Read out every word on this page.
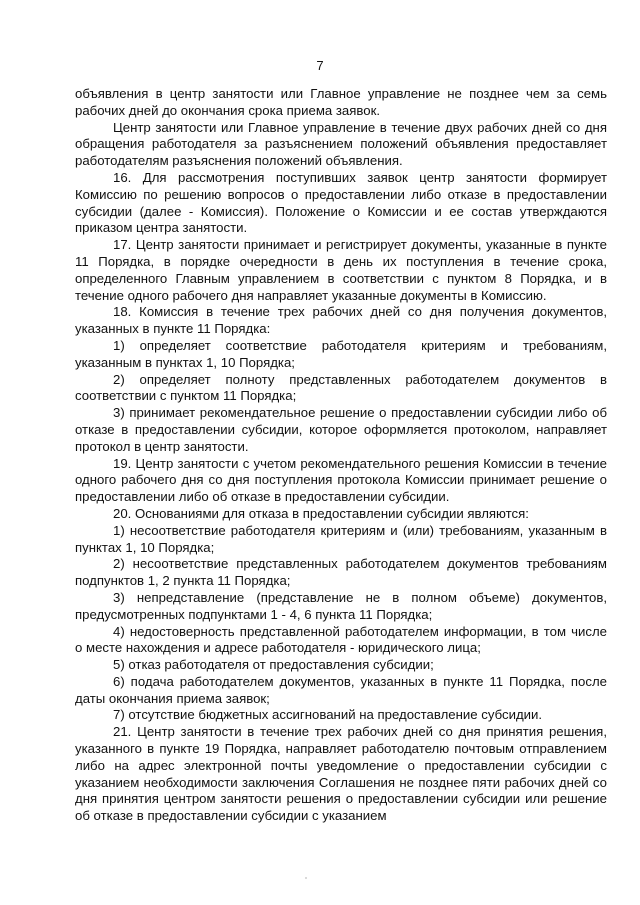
7

объявления в центр занятости или Главное управление не позднее чем за семь рабочих дней до окончания срока приема заявок.

Центр занятости или Главное управление в течение двух рабочих дней со дня обращения работодателя за разъяснением положений объявления предоставляет работодателям разъяснения положений объявления.

16. Для рассмотрения поступивших заявок центр занятости формирует Комиссию по решению вопросов о предоставлении либо отказе в предоставлении субсидии (далее - Комиссия). Положение о Комиссии и ее состав утверждаются приказом центра занятости.

17. Центр занятости принимает и регистрирует документы, указанные в пункте 11 Порядка, в порядке очередности в день их поступления в течение срока, определенного Главным управлением в соответствии с пунктом 8 Порядка, и в течение одного рабочего дня направляет указанные документы в Комиссию.

18. Комиссия в течение трех рабочих дней со дня получения документов, указанных в пункте 11 Порядка:

1) определяет соответствие работодателя критериям и требованиям, указанным в пунктах 1, 10 Порядка;

2) определяет полноту представленных работодателем документов в соответствии с пунктом 11 Порядка;

3) принимает рекомендательное решение о предоставлении субсидии либо об отказе в предоставлении субсидии, которое оформляется протоколом, направляет протокол в центр занятости.

19. Центр занятости с учетом рекомендательного решения Комиссии в течение одного рабочего дня со дня поступления протокола Комиссии принимает решение о предоставлении либо об отказе в предоставлении субсидии.

20. Основаниями для отказа в предоставлении субсидии являются:

1) несоответствие работодателя критериям и (или) требованиям, указанным в пунктах 1, 10 Порядка;

2) несоответствие представленных работодателем документов требованиям подпунктов 1, 2 пункта 11 Порядка;

3) непредставление (представление не в полном объеме) документов, предусмотренных подпунктами 1 - 4, 6 пункта 11 Порядка;

4) недостоверность представленной работодателем информации, в том числе о месте нахождения и адресе работодателя - юридического лица;

5) отказ работодателя от предоставления субсидии;

6) подача работодателем документов, указанных в пункте 11 Порядка, после даты окончания приема заявок;

7) отсутствие бюджетных ассигнований на предоставление субсидии.

21. Центр занятости в течение трех рабочих дней со дня принятия решения, указанного в пункте 19 Порядка, направляет работодателю почтовым отправлением либо на адрес электронной почты уведомление о предоставлении субсидии с указанием необходимости заключения Соглашения не позднее пяти рабочих дней со дня принятия центром занятости решения о предоставлении субсидии или решение об отказе в предоставлении субсидии с указанием
